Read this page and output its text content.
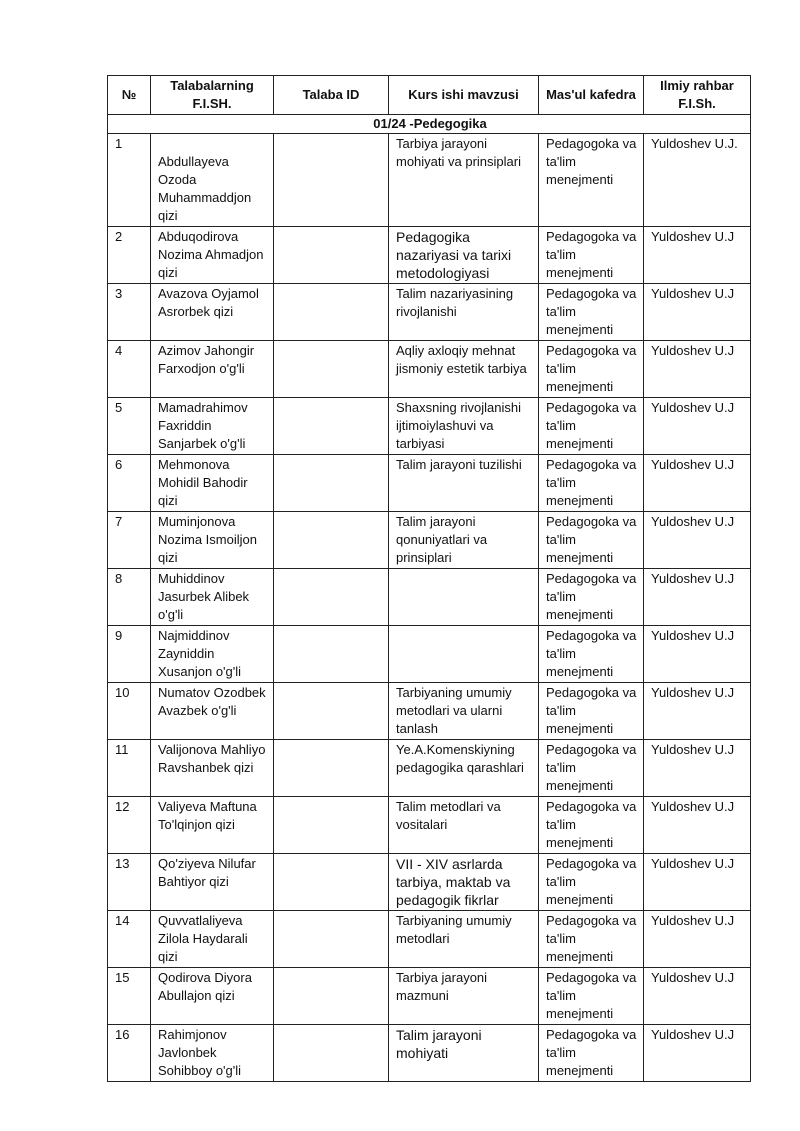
№	Talabalarning F.I.SH.	Talaba ID	Kurs ishi mavzusi	Mas'ul kafedra	Ilmiy rahbar F.I.Sh.
01/24 -Pedegogika					
1	Abdullayeva Ozoda Muhammaddjon qizi		Tarbiya jarayoni mohiyati va prinsiplari	Pedagogoka va ta'lim menejmenti	Yuldoshev U.J.
2	Abduqodirova Nozima Ahmadjon qizi		Pedagogika nazariyasi va tarixi metodologiyasi	Pedagogoka va ta'lim menejmenti	Yuldoshev U.J
3	Avazova Oyjamol Asrorbek qizi		Talim nazariyasining rivojlanishi	Pedagogoka va ta'lim menejmenti	Yuldoshev U.J
4	Azimov Jahongir Farxodjon o'g'li		Aqliy axloqiy mehnat jismoniy estetik tarbiya	Pedagogoka va ta'lim menejmenti	Yuldoshev U.J
5	Mamadrahimov Faxriddin Sanjarbek o'g'li		Shaxsning rivojlanishi ijtimoiylashuvi va tarbiyasi	Pedagogoka va ta'lim menejmenti	Yuldoshev U.J
6	Mehmonova Mohidil Bahodir qizi		Talim jarayoni tuzilishi	Pedagogoka va ta'lim menejmenti	Yuldoshev U.J
7	Muminjonova Nozima Ismoiljon qizi		Talim jarayoni qonuniyatlari va prinsiplari	Pedagogoka va ta'lim menejmenti	Yuldoshev U.J
8	Muhiddinov Jasurbek Alibek o'g'li			Pedagogoka va ta'lim menejmenti	Yuldoshev U.J
9	Najmiddinov Zayniddin Xusanjon o'g'li			Pedagogoka va ta'lim menejmenti	Yuldoshev U.J
10	Numatov Ozodbek Avazbek o'g'li		Tarbiyaning umumiy metodlari va ularni tanlash	Pedagogoka va ta'lim menejmenti	Yuldoshev U.J
11	Valijonova Mahliyo Ravshanbek qizi		Ye.A.Komenskiyning pedagogika qarashlari	Pedagogoka va ta'lim menejmenti	Yuldoshev U.J
12	Valiyeva Maftuna To'lqinjon qizi		Talim metodlari va vositalari	Pedagogoka va ta'lim menejmenti	Yuldoshev U.J
13	Qo'ziyeva Nilufar Bahtiyor qizi		VII - XIV asrlarda tarbiya, maktab va pedagogik fikrlar	Pedagogoka va ta'lim menejmenti	Yuldoshev U.J
14	Quvvatlaliyeva Zilola Haydarali qizi		Tarbiyaning umumiy metodlari	Pedagogoka va ta'lim menejmenti	Yuldoshev U.J
15	Qodirova Diyora Abullajon qizi		Tarbiya jarayoni mazmuni	Pedagogoka va ta'lim menejmenti	Yuldoshev U.J
16	Rahimjonov Javlonbek Sohibboy o'g'li		Talim jarayoni mohiyati	Pedagogoka va ta'lim menejmenti	Yuldoshev U.J
